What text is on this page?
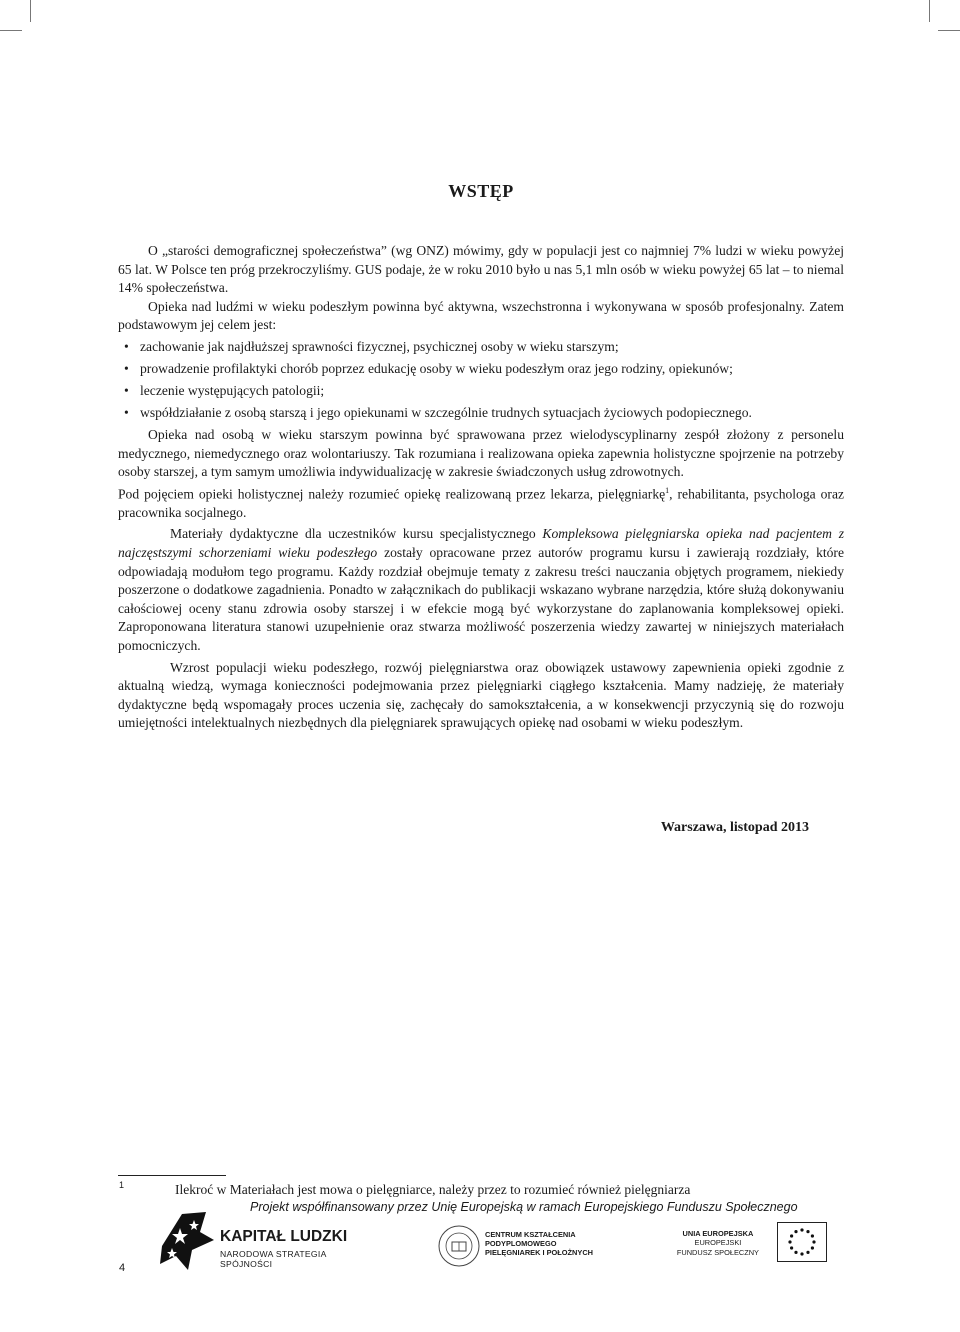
WSTĘP

O „starości demograficznej społeczeństwa” (wg ONZ) mówimy, gdy w populacji jest co najmniej 7% ludzi w wieku powyżej 65 lat. W Polsce ten próg przekroczyliśmy. GUS podaje, że w roku 2010 było u nas 5,1 mln osób w wieku powyżej 65 lat – to niemal 14% społeczeństwa.

Opieka nad ludźmi w wieku podeszłym powinna być aktywna, wszechstronna i wykonywana w sposób profesjonalny. Zatem podstawowym jej celem jest:

• zachowanie jak najdłuższej sprawności fizycznej, psychicznej osoby w wieku starszym;
• prowadzenie profilaktyki chorób poprzez edukację osoby w wieku podeszłym oraz jego rodziny, opiekunów;
• leczenie występujących patologii;
• współdziałanie z osobą starszą i jego opiekunami w szczególnie trudnych sytuacjach życiowych podopiecznego.

Opieka nad osobą w wieku starszym powinna być sprawowana przez wielodyscyplinarny zespół złożony z personelu medycznego, niemedycznego oraz wolontariuszy. Tak rozumiana i realizowana opieka zapewnia holistyczne spojrzenie na potrzeby osoby starszej, a tym samym umożliwia indywidualizację w zakresie świadczonych usług zdrowotnych.

Pod pojęciem opieki holistycznej należy rozumieć opiekę realizowaną przez lekarza, pielęgniarkę$^1$, rehabilitanta, psychologa oraz pracownika socjalnego.

Materiały dydaktyczne dla uczestników kursu specjalistycznego Kompleksowa pielęgniarska opieka nad pacjentem z najczęstszymi schorzeniami wieku podeszłego zostały opracowane przez autorów programu kursu i zawierają rozdziały, które odpowiadają modułom tego programu. Każdy rozdział obejmuje tematy z zakresu treści nauczania objętych programem, niekiedy poszerzone o dodatkowe zagadnienia. Ponadto w załącznikach do publikacji wskazano wybrane narzędzia, które służą dokonywaniu całościowej oceny stanu zdrowia osoby starszej i w efekcie mogą być wykorzystane do zaplanowania kompleksowej opieki. Zaproponowana literatura stanowi uzupełnienie oraz stwarza możliwość poszerzenia wiedzy zawartej w niniejszych materiałach pomocniczych.

Wzrost populacji wieku podeszłego, rozwój pielęgniarstwa oraz obowiązek ustawowy zapewnienia opieki zgodnie z aktualną wiedzą, wymaga konieczności podejmowania przez pielęgniarki ciągłego kształcenia. Mamy nadzieję, że materiały dydaktyczne będą wspomagały proces uczenia się, zachęcały do samokształcenia, a w konsekwencji przyczynią się do rozwoju umiejętności intelektualnych niezbędnych dla pielęgniarek sprawujących opiekę nad osobami w wieku podeszłym.

Warszawa, listopad 2013
1	Ilekroć w Materiałach jest mowa o pielęgniarce, należy przez to rozumieć również pielęgniarza
Projekt współfinansowany przez Unię Europejską w ramach Europejskiego Funduszu Społecznego
4
KAPITAŁ LUDZKI
NARODOWA STRATEGIA SPÓJNOŚCI
CENTRUM KSZTAŁCENIA
PODYPLOMOWEGO
PIELĘGNIAREK I POŁOŻNYCH
UNIA EUROPEJSKA
EUROPEJSKI
FUNDUSZ SPOŁECZNY
